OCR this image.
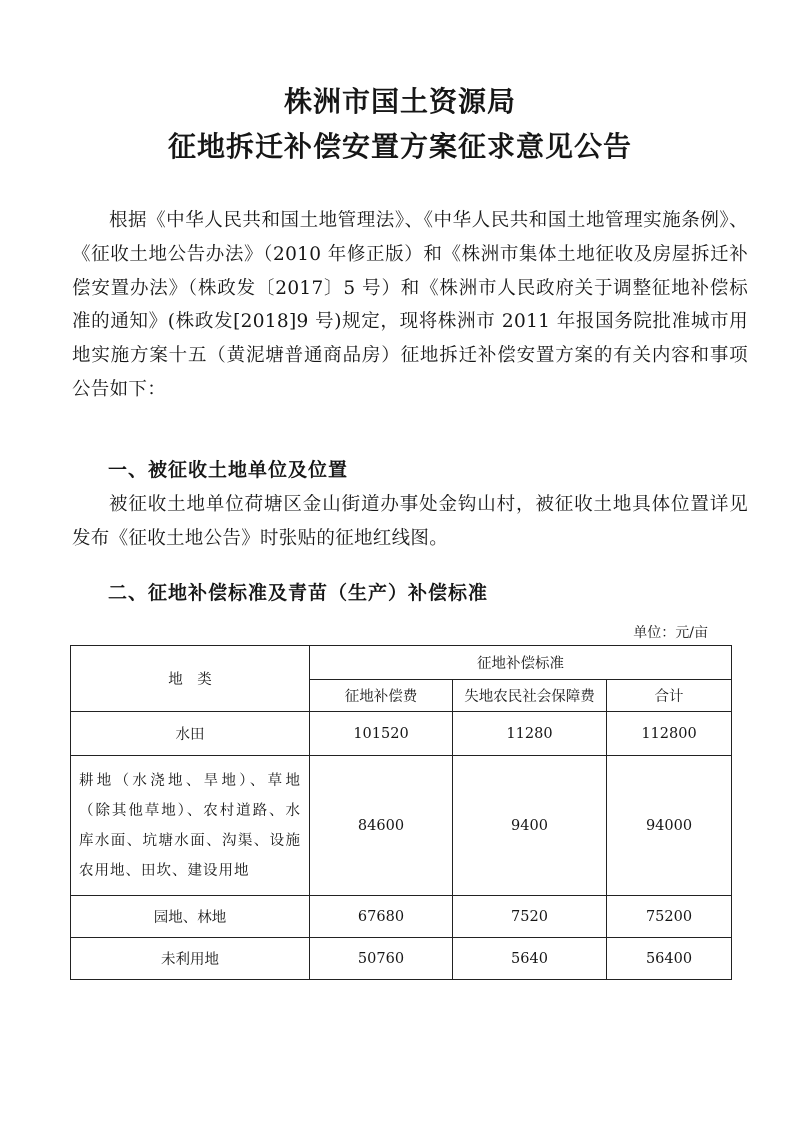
株洲市国土资源局
征地拆迁补偿安置方案征求意见公告

根据《中华人民共和国土地管理法》、《中华人民共和国土地管理实施条例》、《征收土地公告办法》（2010 年修正版）和《株洲市集体土地征收及房屋拆迁补偿安置办法》（株政发〔2017〕5 号）和《株洲市人民政府关于调整征地补偿标准的通知》(株政发[2018]9 号)规定，现将株洲市 2011 年报国务院批准城市用地实施方案十五（黄泥塘普通商品房）征地拆迁补偿安置方案的有关内容和事项公告如下：

一、被征收土地单位及位置

被征收土地单位荷塘区金山街道办事处金钩山村，被征收土地具体位置详见发布《征收土地公告》时张贴的征地红线图。

二、征地补偿标准及青苗（生产）补偿标准
单位：元/亩
地　类	征地补偿标准		
	征地补偿费	失地农民社会保障费	合计
水田	101520	11280	112800
耕地（水浇地、旱地）、草地（除其他草地）、农村道路、水库水面、坑塘水面、沟渠、设施农用地、田坎、建设用地	84600	9400	94000
园地、林地	67680	7520	75200
未利用地	50760	5640	56400
